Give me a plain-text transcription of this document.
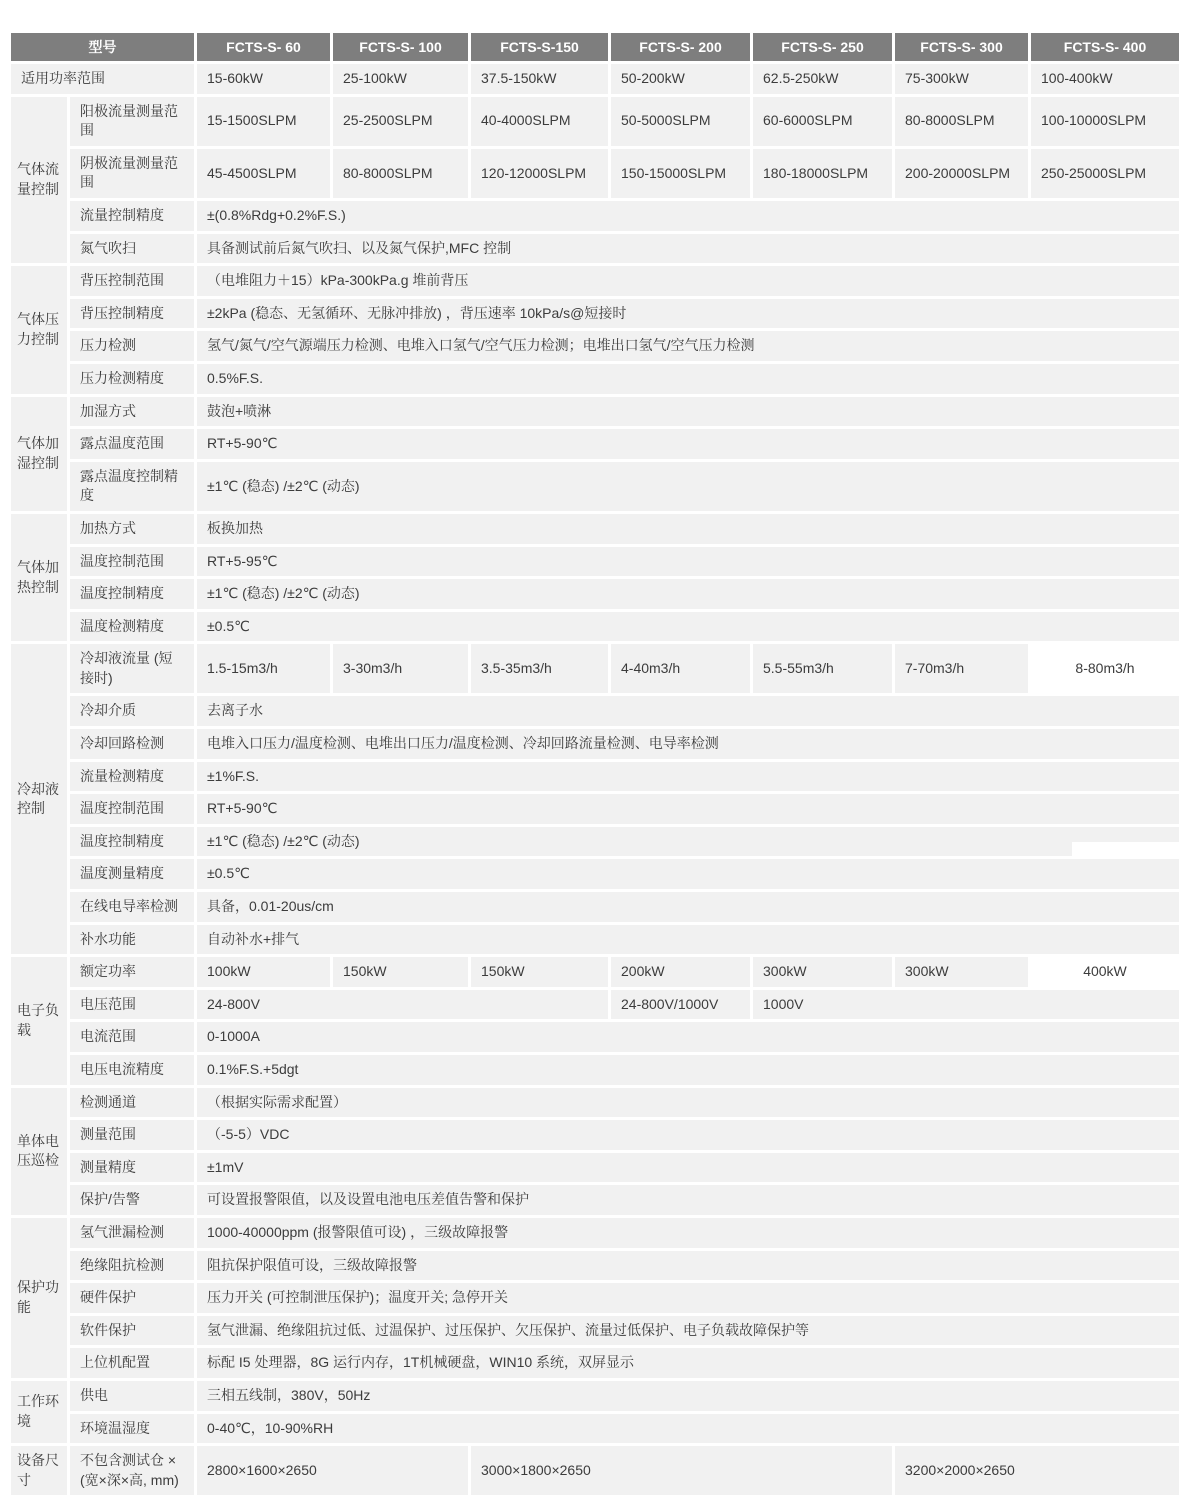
型号		FCTS-S- 60	FCTS-S- 100	FCTS-S-150	FCTS-S- 200	FCTS-S- 250	FCTS-S- 300	FCTS-S- 400
适用功率范围		15-60kW	25-100kW	37.5-150kW	50-200kW	62.5-250kW	75-300kW	100-400kW
气体流量控制	阳极流量测量范围	15-1500SLPM	25-2500SLPM	40-4000SLPM	50-5000SLPM	60-6000SLPM	80-8000SLPM	100-10000SLPM
	阴极流量测量范围	45-4500SLPM	80-8000SLPM	120-12000SLPM	150-15000SLPM	180-18000SLPM	200-20000SLPM	250-25000SLPM
	流量控制精度	±(0.8%Rdg+0.2%F.S.)						
	氮气吹扫	具备测试前后氮气吹扫、以及氮气保护,MFC 控制						
气体压力控制	背压控制范围	（电堆阻力＋15）kPa-300kPa.g 堆前背压						
	背压控制精度	±2kPa (稳态、无氢循环、无脉冲排放) ，背压速率 10kPa/s@短接时						
	压力检测	氢气/氮气/空气源端压力检测、电堆入口氢气/空气压力检测；电堆出口氢气/空气压力检测						
	压力检测精度	0.5%F.S.						
气体加湿控制	加湿方式	鼓泡+喷淋						
	露点温度范围	RT+5-90℃						
	露点温度控制精度	±1℃ (稳态) /±2℃ (动态)						
气体加热控制	加热方式	板换加热						
	温度控制范围	RT+5-95℃						
	温度控制精度	±1℃ (稳态) /±2℃ (动态)						
	温度检测精度	±0.5℃						
冷却液控制	冷却液流量 (短接时)	1.5-15m3/h	3-30m3/h	3.5-35m3/h	4-40m3/h	5.5-55m3/h	7-70m3/h	8-80m3/h
	冷却介质	去离子水						
	冷却回路检测	电堆入口压力/温度检测、电堆出口压力/温度检测、冷却回路流量检测、电导率检测						
	流量检测精度	±1%F.S.						
	温度控制范围	RT+5-90℃						
	温度控制精度	±1℃ (稳态) /±2℃ (动态)						

	温度测量精度	±0.5℃						
	在线电导率检测	具备，0.01-20us/cm						
	补水功能	自动补水+排气						
电子负载	额定功率	100kW	150kW	150kW	200kW	300kW	300kW	400kW
	电压范围	24-800V			24-800V/1000V	1000V		
	电流范围	0-1000A						
	电压电流精度	0.1%F.S.+5dgt						
单体电压巡检	检测通道	（根据实际需求配置）						
	测量范围	（-5-5）VDC						
	测量精度	±1mV						
	保护/告警	可设置报警限值，以及设置电池电压差值告警和保护						
保护功能	氢气泄漏检测	1000-40000ppm (报警限值可设) ，三级故障报警						
	绝缘阻抗检测	阻抗保护限值可设，三级故障报警						
	硬件保护	压力开关 (可控制泄压保护)；温度开关; 急停开关						
	软件保护	氢气泄漏、绝缘阻抗过低、过温保护、过压保护、欠压保护、流量过低保护、电子负载故障保护等						
	上位机配置	标配 I5 处理器，8G 运行内存，1T机械硬盘，WIN10 系统，双屏显示						
工作环境	供电	三相五线制，380V，50Hz						
	环境温湿度	0-40℃，10-90%RH						
设备尺寸	不包含测试仓 × (宽×深×高, mm)	2800×1600×2650		3000×1800×2650			3200×2000×2650	
